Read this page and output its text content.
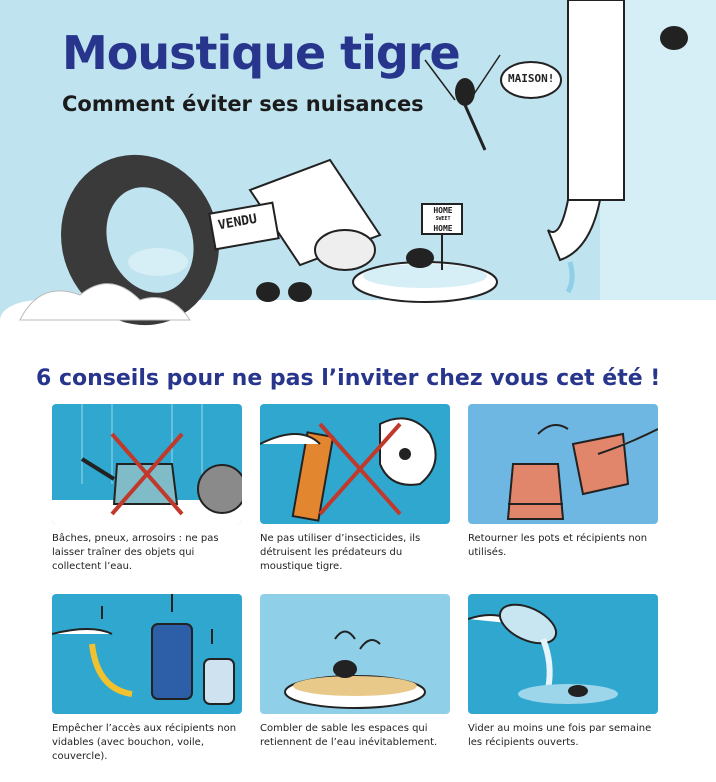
Moustique tigre

Comment éviter ses nuisances

VENDU
HOME
SWEET
HOME
MAISON!
6 conseils pour ne pas l’inviter chez vous cet été !
Bâches, pneux, arrosoirs : ne pas laisser traîner des objets qui collectent l’eau.
Ne pas utiliser d’insecticides, ils détruisent les prédateurs du moustique tigre.
Retourner les pots et récipients non utilisés.
Empêcher l’accès aux récipients non vidables (avec bouchon, voile, couvercle).
Combler de sable les espaces qui retiennent de l’eau inévitablement.
Vider au moins une fois par semaine les récipients ouverts.
